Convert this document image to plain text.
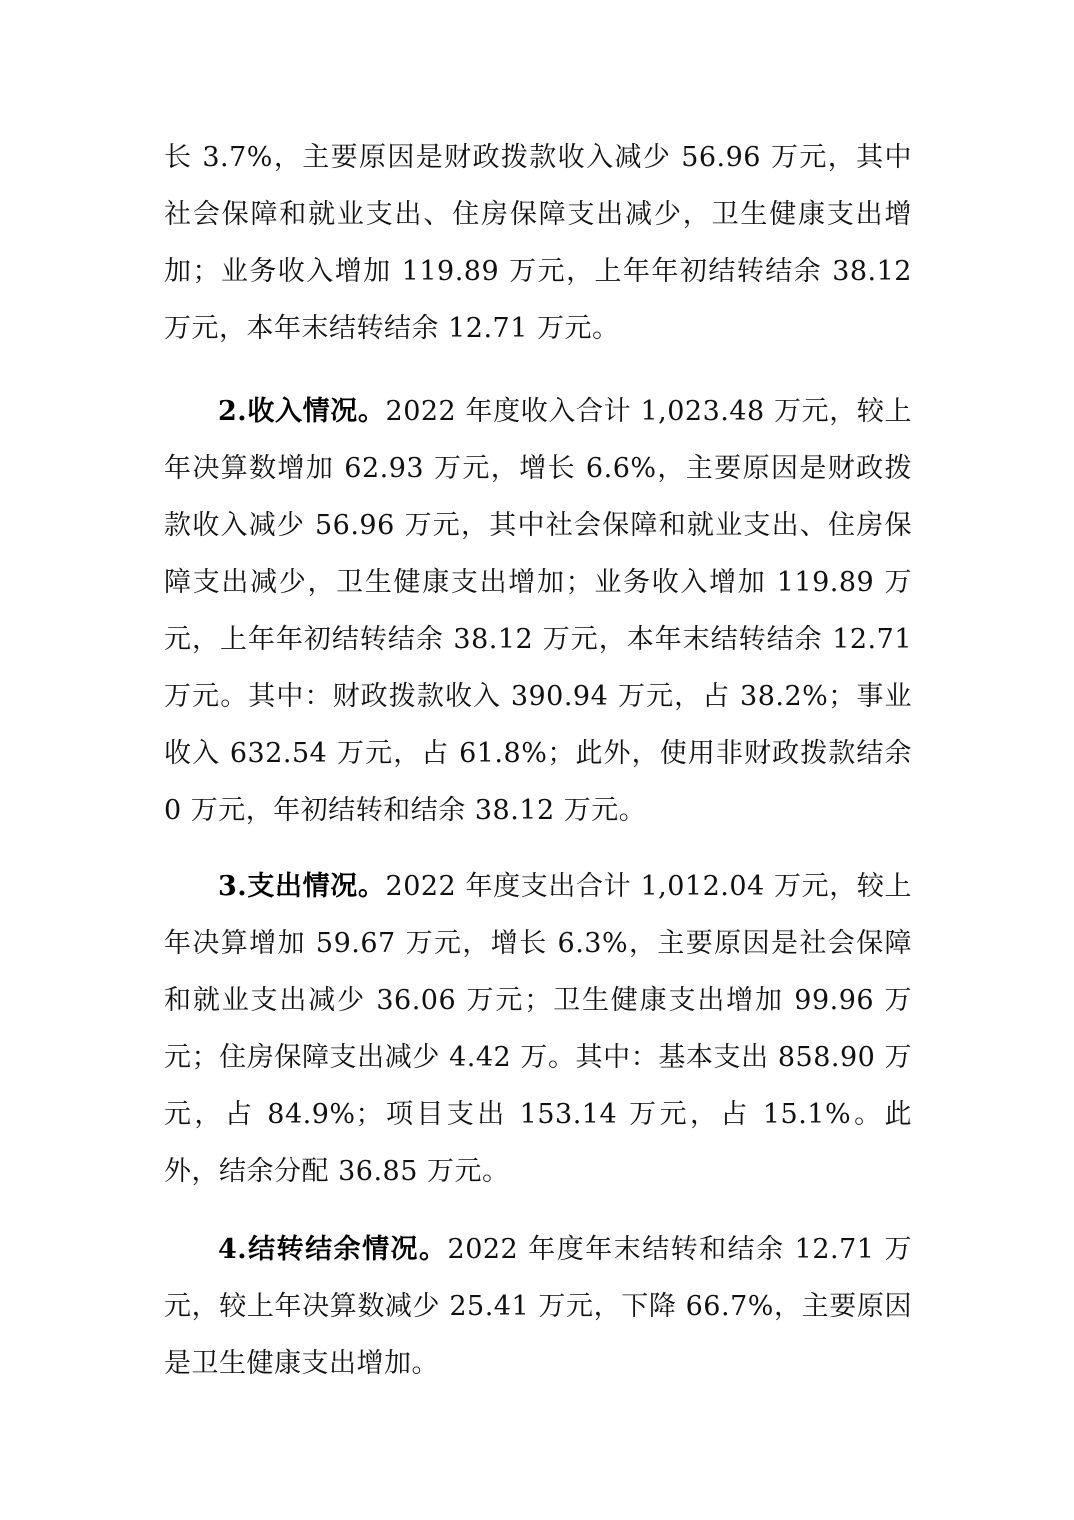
长 3.7%，主要原因是财政拨款收入减少 56.96 万元，其中社会保障和就业支出、住房保障支出减少，卫生健康支出增加；业务收入增加 119.89 万元，上年年初结转结余 38.12 万元，本年末结转结余 12.71 万元。

2.收入情况。2022 年度收入合计 1,023.48 万元，较上年决算数增加 62.93 万元，增长 6.6%，主要原因是财政拨款收入减少 56.96 万元，其中社会保障和就业支出、住房保障支出减少，卫生健康支出增加；业务收入增加 119.89 万元，上年年初结转结余 38.12 万元，本年末结转结余 12.71 万元。其中：财政拨款收入 390.94 万元，占 38.2%；事业收入 632.54 万元，占 61.8%；此外，使用非财政拨款结余 0 万元，年初结转和结余 38.12 万元。

3.支出情况。2022 年度支出合计 1,012.04 万元，较上年决算增加 59.67 万元，增长 6.3%，主要原因是社会保障和就业支出减少 36.06 万元；卫生健康支出增加 99.96 万元；住房保障支出减少 4.42 万。其中：基本支出 858.90 万元，占 84.9%；项目支出 153.14 万元，占 15.1%。此外，结余分配 36.85 万元。

4.结转结余情况。2022 年度年末结转和结余 12.71 万元，较上年决算数减少 25.41 万元，下降 66.7%，主要原因是卫生健康支出增加。
